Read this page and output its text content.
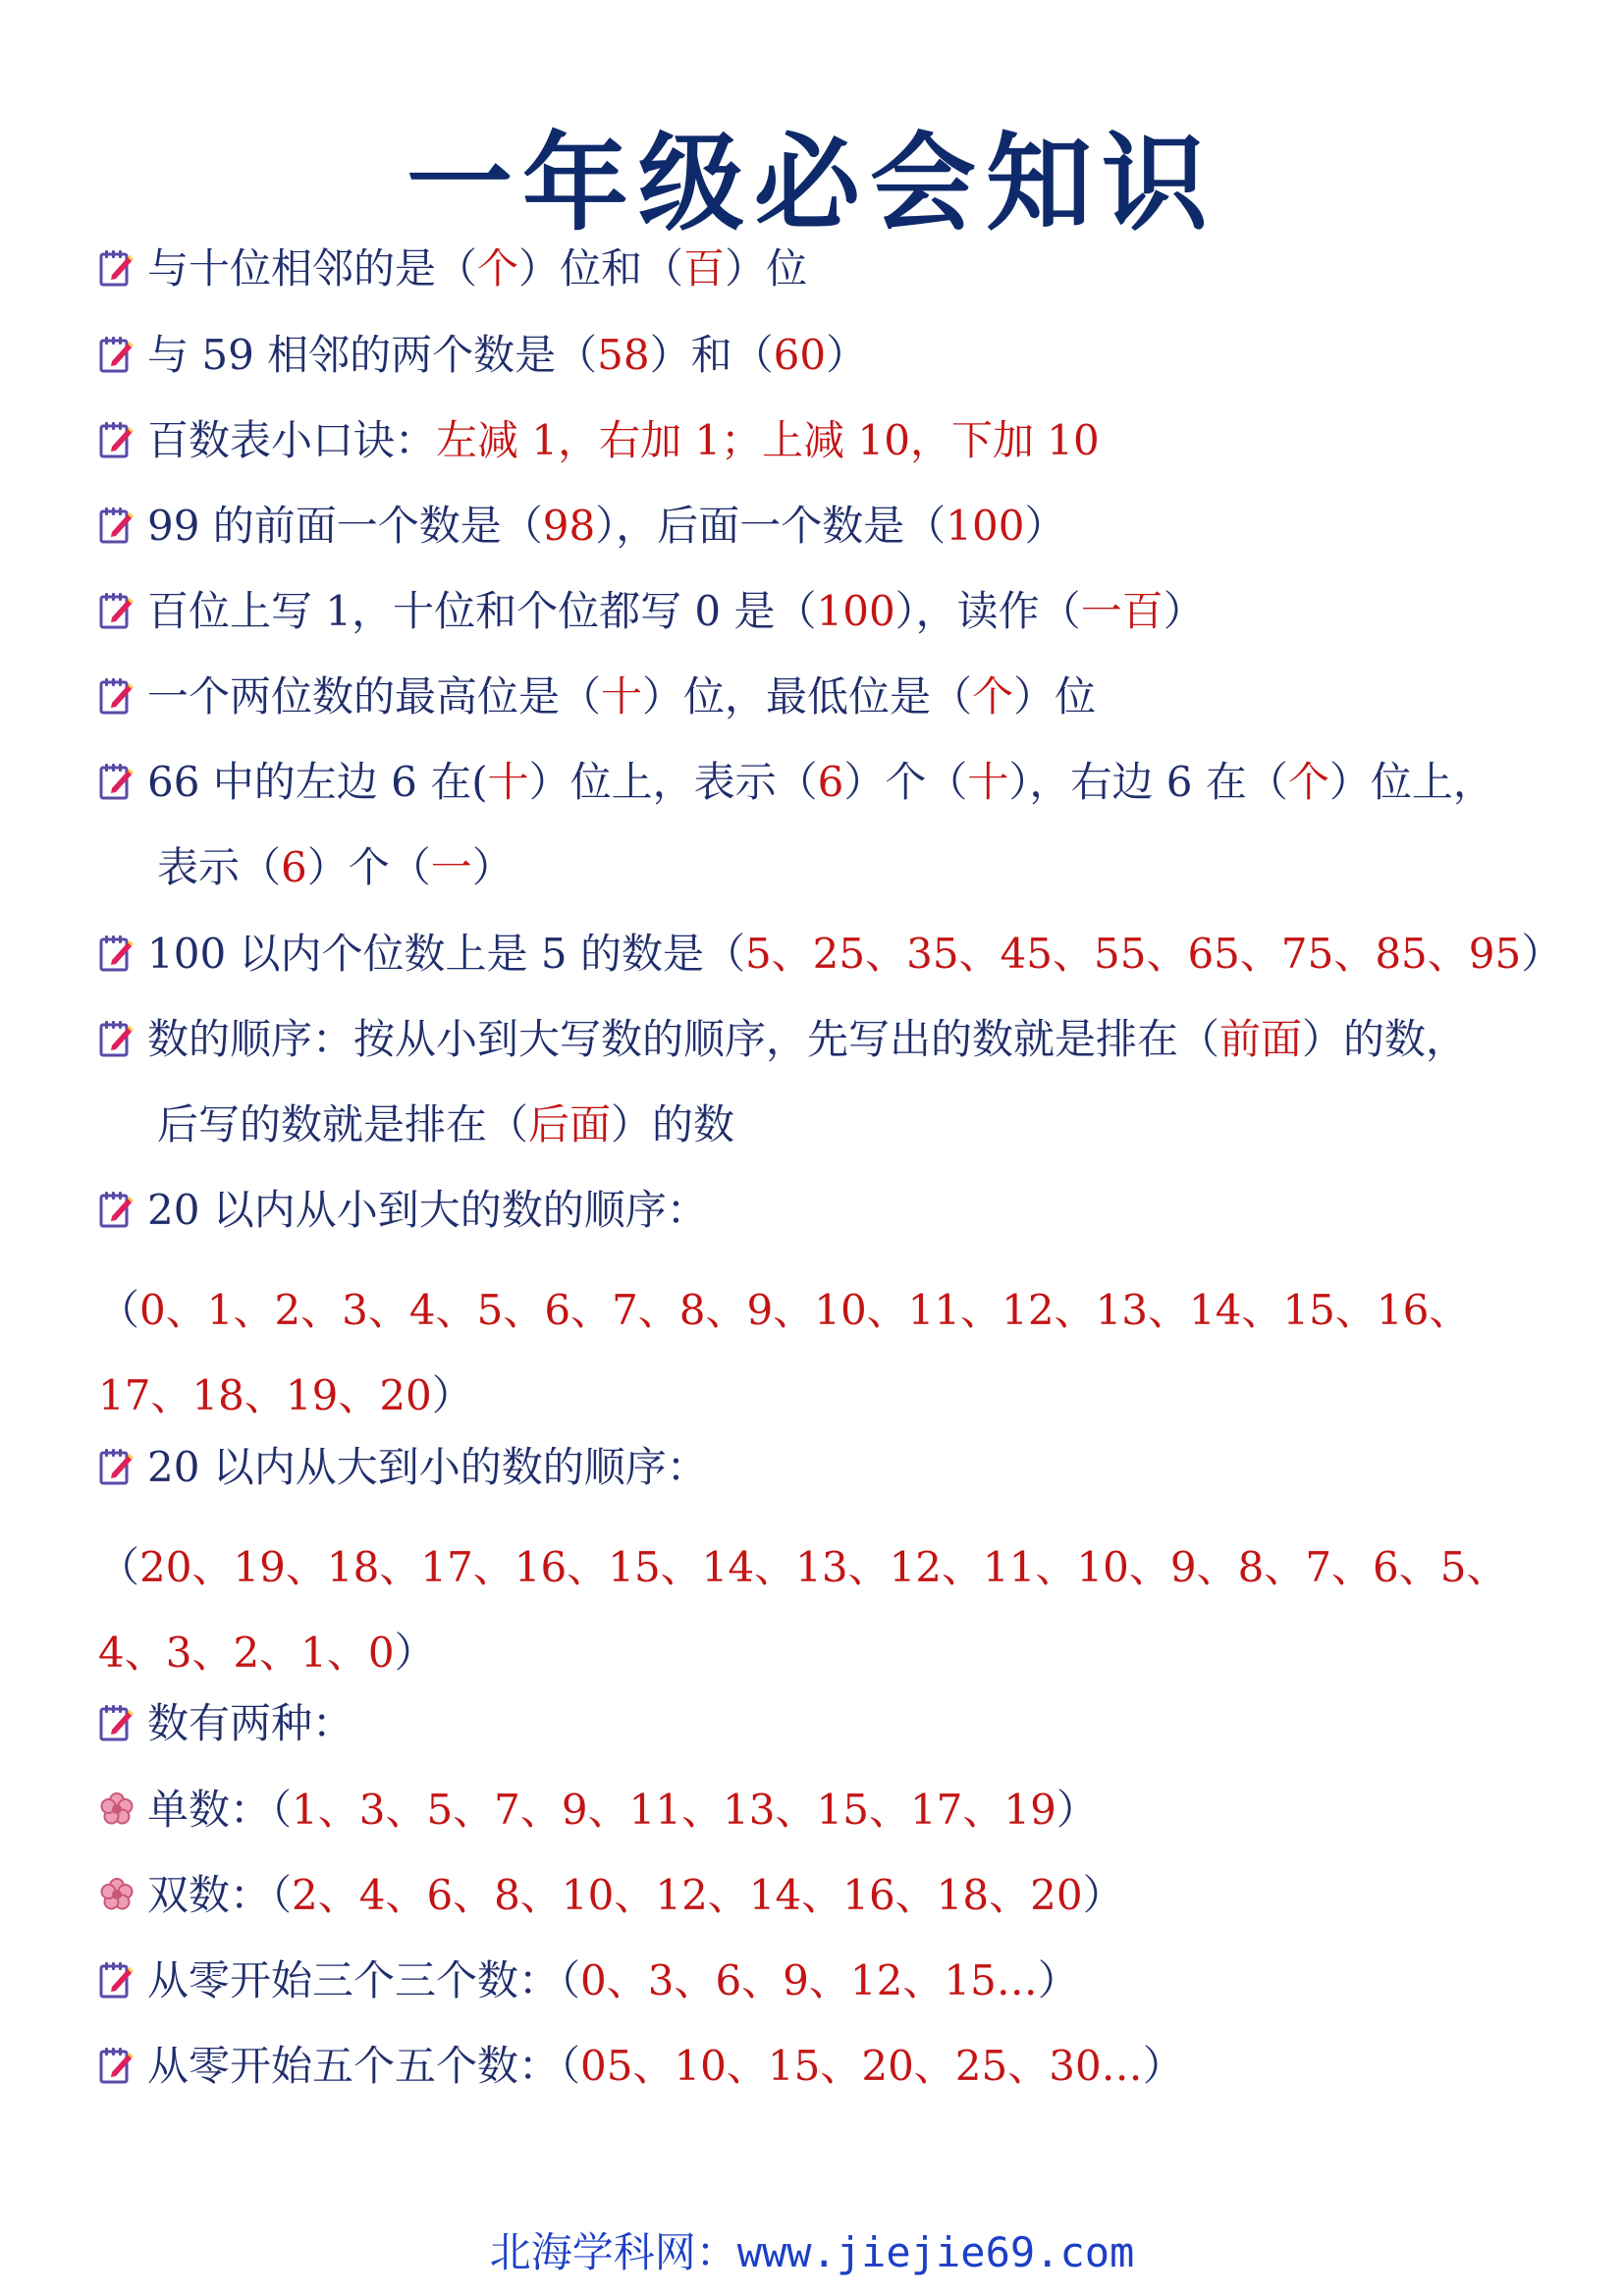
一年级必会知识
与十位相邻的是（个）位和（百）位
与 59 相邻的两个数是（58）和（60）
百数表小口诀：左减 1，右加 1；上减 10，下加 10
99 的前面一个数是（98），后面一个数是（100）
百位上写 1，十位和个位都写 0 是（100），读作（一百）
一个两位数的最高位是（十）位，最低位是（个）位
66 中的左边 6 在(十）位上，表示（6）个（十），右边 6 在（个）位上，
表示（6）个（一）
100 以内个位数上是 5 的数是（5、25、35、45、55、65、75、85、95）
数的顺序：按从小到大写数的顺序，先写出的数就是排在（前面）的数，
后写的数就是排在（后面）的数
20 以内从小到大的数的顺序：
（0、1、2、3、4、5、6、7、8、9、10、11、12、13、14、15、16、17、18、19、20）
20 以内从大到小的数的顺序：
（20、19、18、17、16、15、14、13、12、11、10、9、8、7、6、5、4、3、2、1、0）
数有两种：
单数：（1、3、5、7、9、11、13、15、17、19）
双数：（2、4、6、8、10、12、14、16、18、20）
从零开始三个三个数：（0、3、6、9、12、15…）
从零开始五个五个数：（05、10、15、20、25、30…）
北海学科网：www.jiejie69.com
